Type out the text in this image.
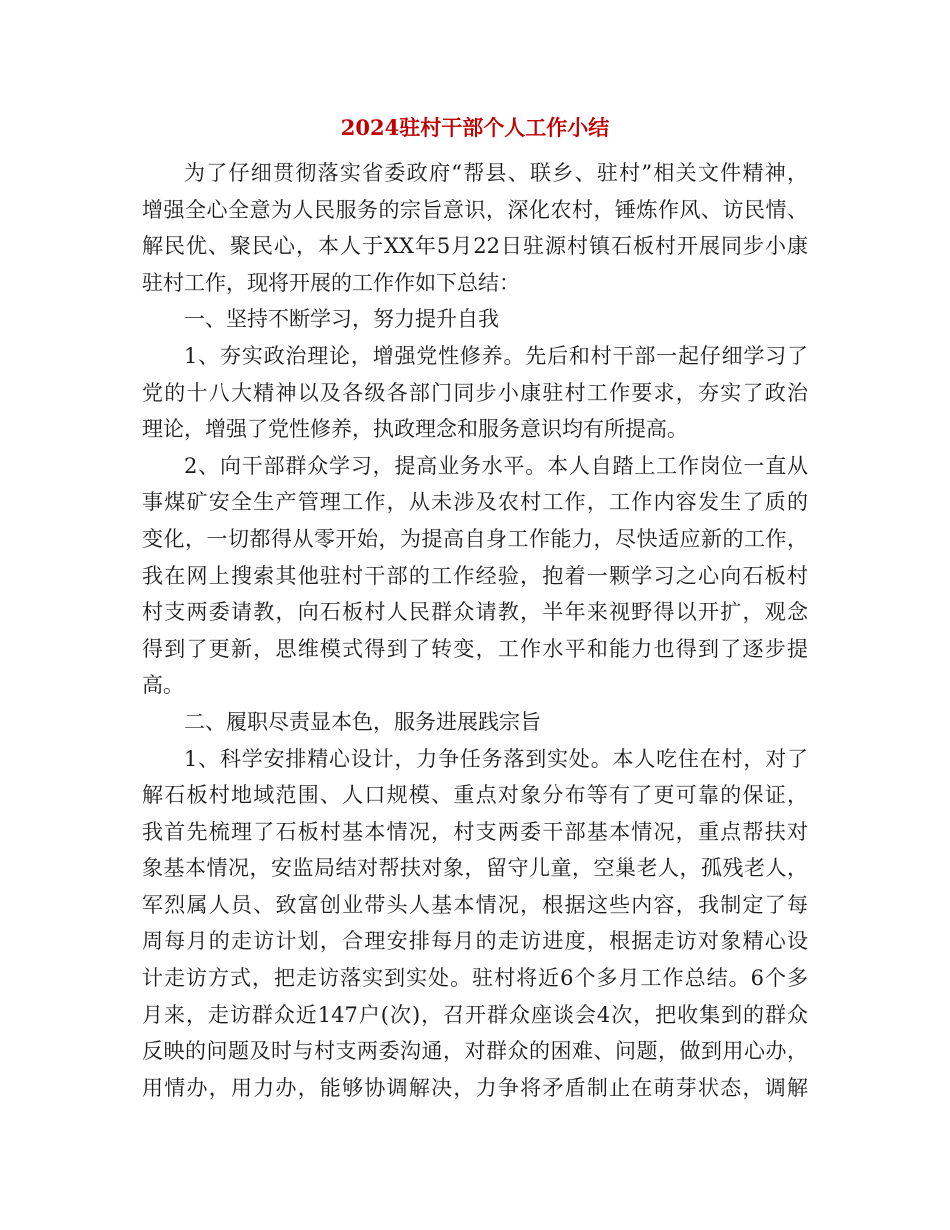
2024驻村干部个人工作小结
为了仔细贯彻落实省委政府“帮县、联乡、驻村”相关文件精神，
增强全心全意为人民服务的宗旨意识，深化农村，锤炼作风、访民情、
解民优、聚民心，本人于XX年5月22日驻源村镇石板村开展同步小康
驻村工作，现将开展的工作作如下总结：
一、坚持不断学习，努力提升自我
1、夯实政治理论，增强党性修养。先后和村干部一起仔细学习了
党的十八大精神以及各级各部门同步小康驻村工作要求，夯实了政治
理论，增强了党性修养，执政理念和服务意识均有所提高。
2、向干部群众学习，提高业务水平。本人自踏上工作岗位一直从
事煤矿安全生产管理工作，从未涉及农村工作，工作内容发生了质的
变化，一切都得从零开始，为提高自身工作能力，尽快适应新的工作，
我在网上搜索其他驻村干部的工作经验，抱着一颗学习之心向石板村
村支两委请教，向石板村人民群众请教，半年来视野得以开扩，观念
得到了更新，思维模式得到了转变，工作水平和能力也得到了逐步提
高。
二、履职尽责显本色，服务进展践宗旨
1、科学安排精心设计，力争任务落到实处。本人吃住在村，对了
解石板村地域范围、人口规模、重点对象分布等有了更可靠的保证，
我首先梳理了石板村基本情况，村支两委干部基本情况，重点帮扶对
象基本情况，安监局结对帮扶对象，留守儿童，空巢老人，孤残老人，
军烈属人员、致富创业带头人基本情况，根据这些内容，我制定了每
周每月的走访计划，合理安排每月的走访进度，根据走访对象精心设
计走访方式，把走访落实到实处。驻村将近6个多月工作总结。6个多
月来，走访群众近147户(次)，召开群众座谈会4次，把收集到的群众
反映的问题及时与村支两委沟通，对群众的困难、问题，做到用心办，
用情办，用力办，能够协调解决，力争将矛盾制止在萌芽状态，调解
